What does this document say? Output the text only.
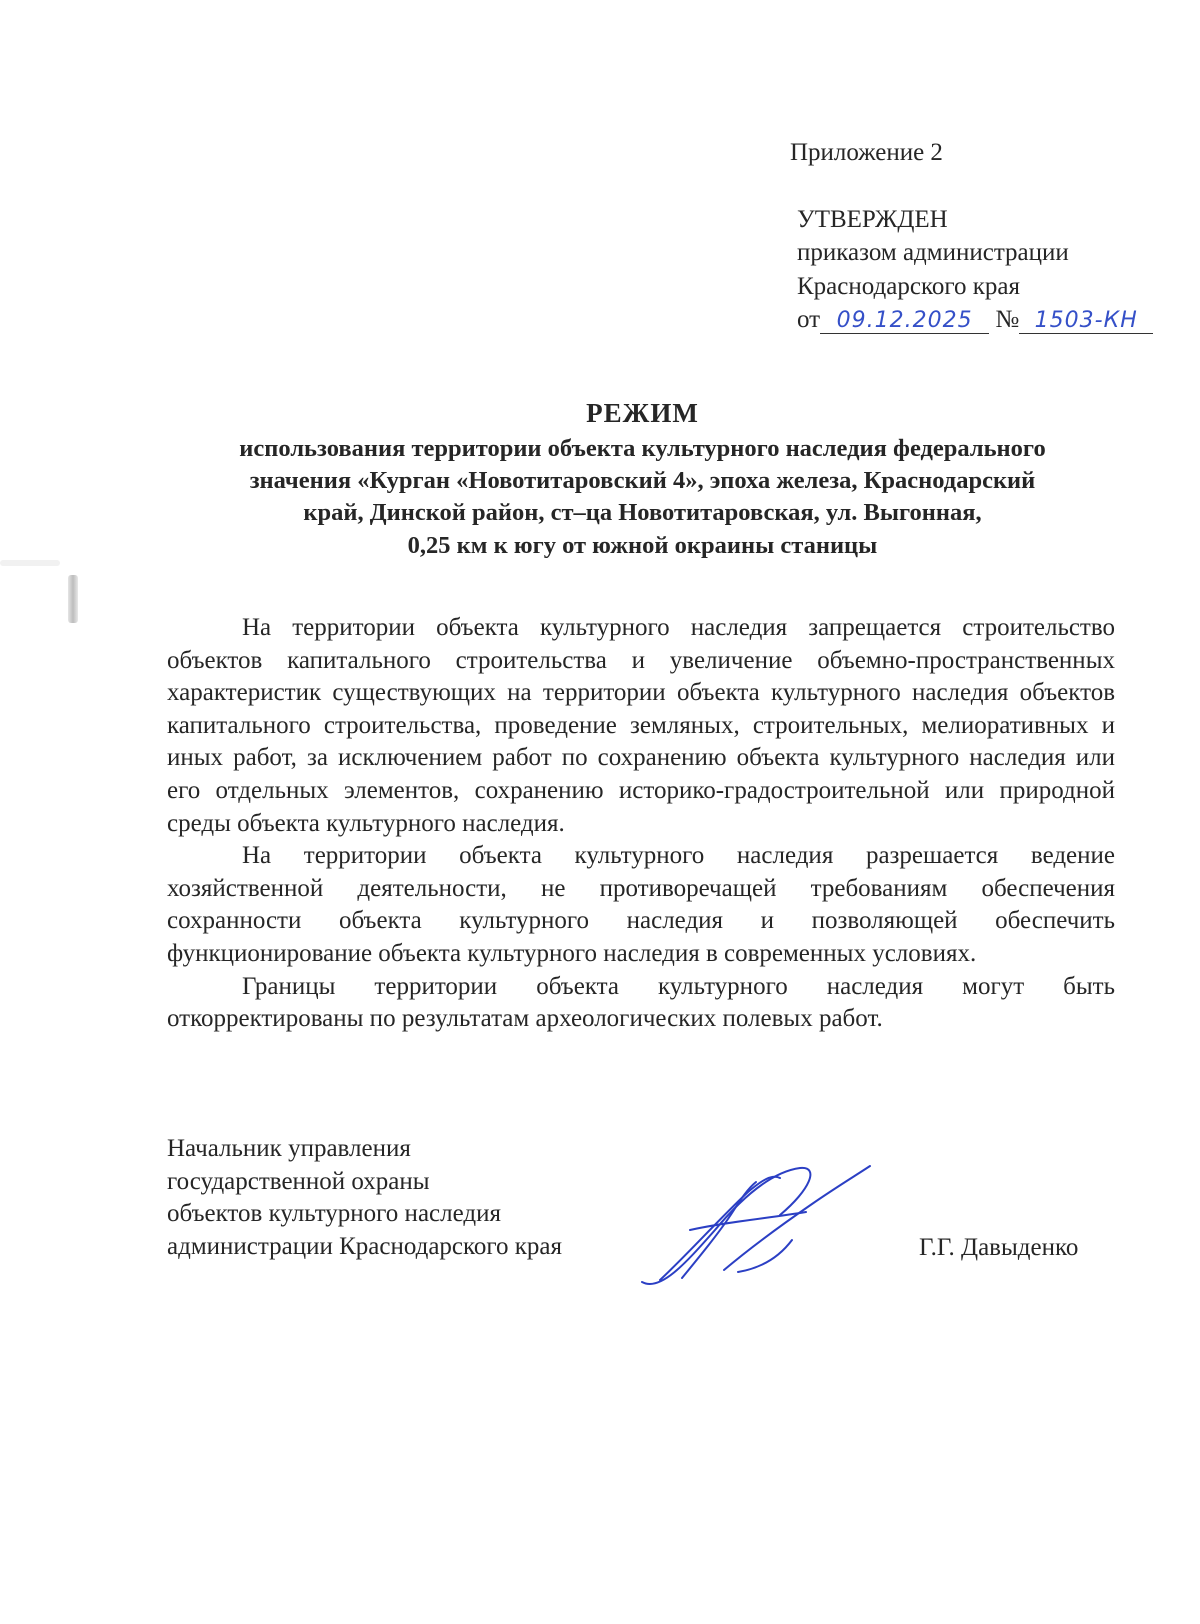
Приложение 2
УТВЕРЖДЕН
приказом администрации
Краснодарского края
от 09.12.2025 № 1503-КН
РЕЖИМ
использования территории объекта культурного наследия федерального
значения «Курган «Новотитаровский 4», эпоха железа, Краснодарский
край, Динской район, ст–ца Новотитаровская, ул. Выгонная,
0,25 км к югу от южной окраины станицы

На территории объекта культурного наследия запрещается строительство объектов капитального строительства и увеличение объемно-пространственных характеристик существующих на территории объекта культурного наследия объектов капитального строительства, проведение земляных, строительных, мелиоративных и иных работ, за исключением работ по сохранению объекта культурного наследия или его отдельных элементов, сохранению историко-градостроительной или природной среды объекта культурного наследия.

На территории объекта культурного наследия разрешается ведение хозяйственной деятельности, не противоречащей требованиям обеспечения сохранности объекта культурного наследия и позволяющей обеспечить функционирование объекта культурного наследия в современных условиях.

Границы территории объекта культурного наследия могут быть откорректированы по результатам археологических полевых работ.

Начальник управления
государственной охраны
объектов культурного наследия
администрации Краснодарского края	Г.Г. Давыденко
